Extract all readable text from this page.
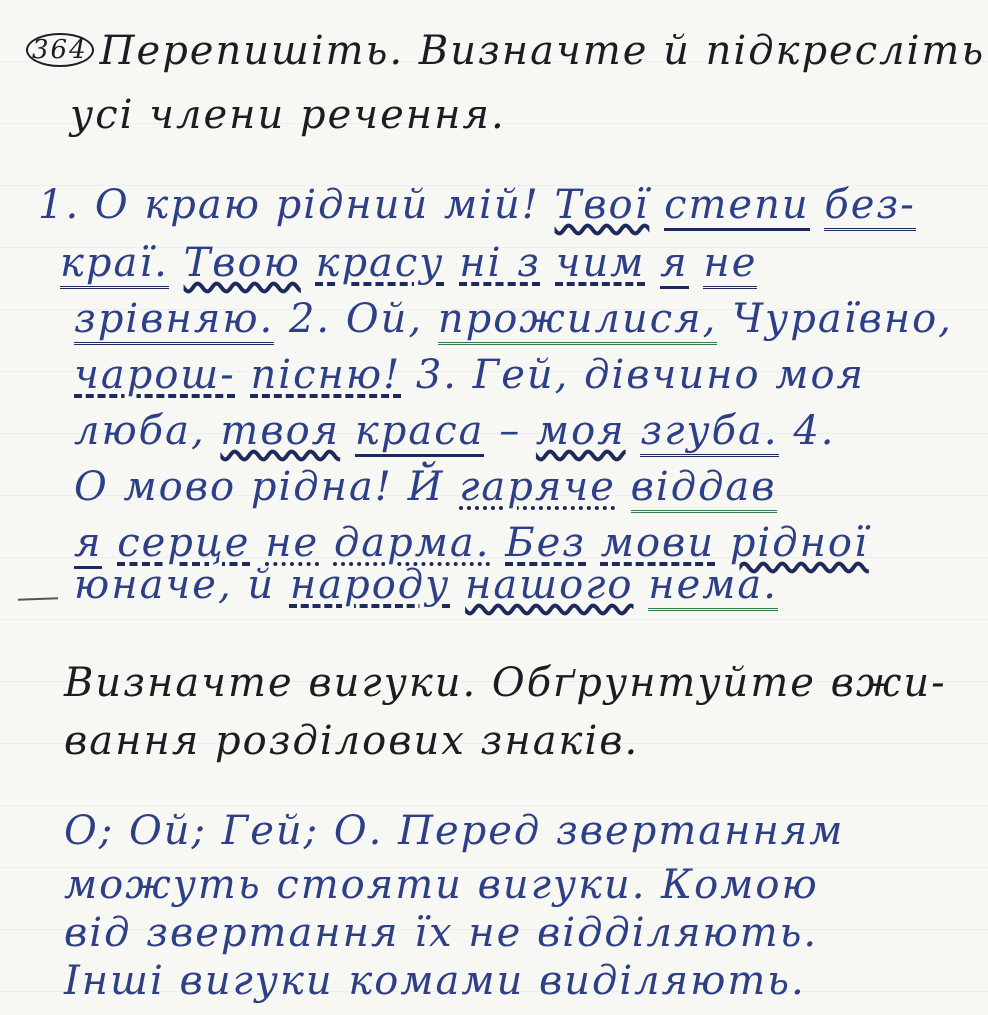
364 Перепишіть. Визначте й підкресліть
усі члени речення.
1. О краю рідний мій! Твої степи без-
краї. Твою красу ні з чим я не
зрівняю. 2. Ой, прожилися, Чураївно,
чарош- пісню! 3. Гей, дівчино моя
люба, твоя краса – моя згуба. 4.
О мово рідна! Й гаряче віддав
я серце не дарма. Без мови рідної
юначе, й народу нашого нема.
Визначте вигуки. Обґрунтуйте вжи-
вання розділових знаків.
О; Ой; Гей; О. Перед звертанням
можуть стояти вигуки. Комою
від звертання їх не відділяють.
Інші вигуки комами виділяють.
